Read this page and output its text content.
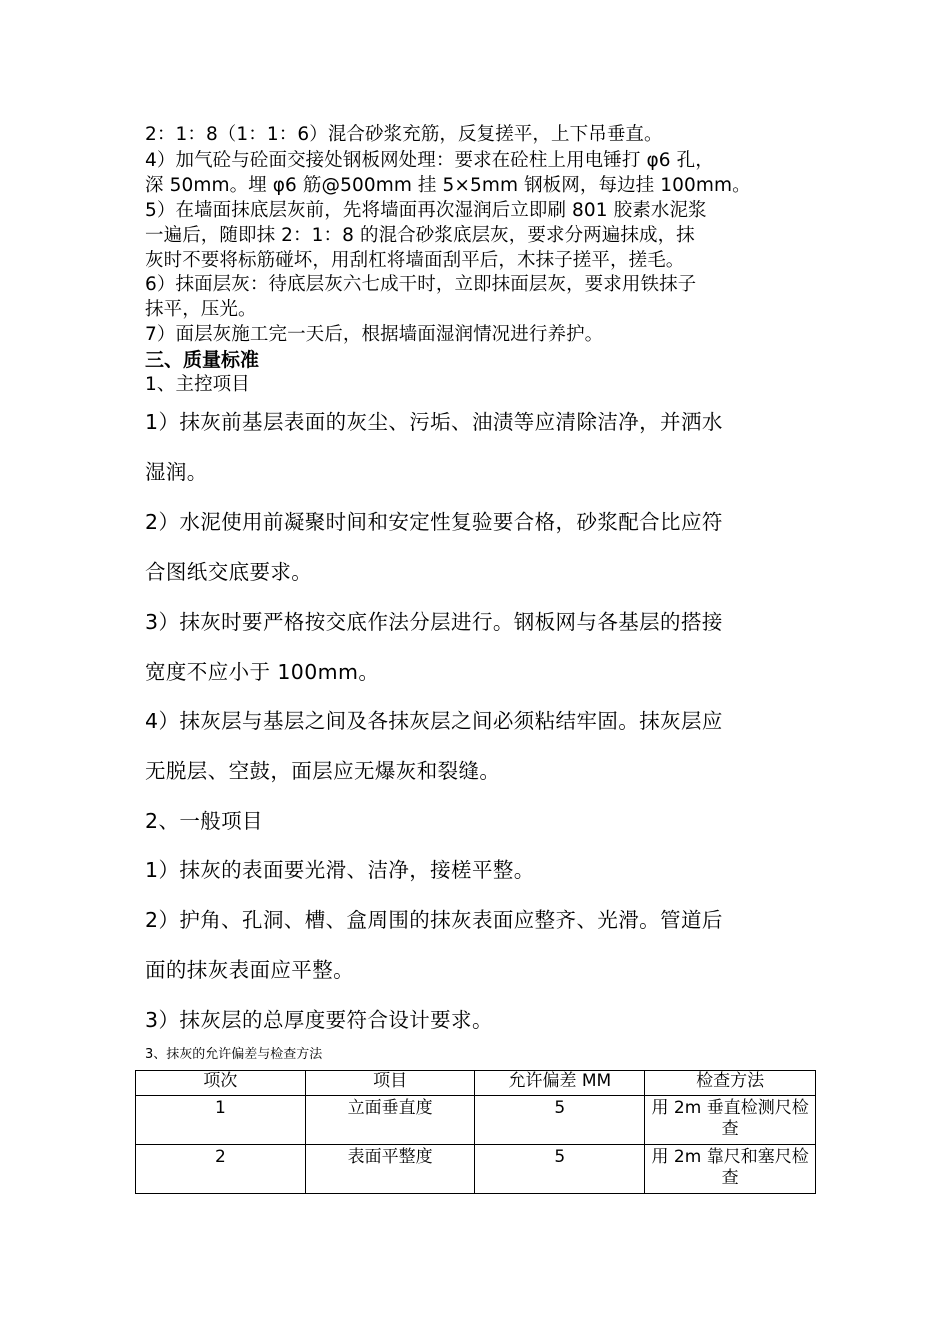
2：1：8（1：1：6）混合砂浆充筋，反复搓平，上下吊垂直。
4）加气砼与砼面交接处钢板网处理：要求在砼柱上用电锤打 φ6 孔，
深 50mm。埋 φ6 筋@500mm 挂 5×5mm 钢板网，每边挂 100mm。
5）在墙面抹底层灰前，先将墙面再次湿润后立即刷 801 胶素水泥浆
一遍后，随即抹 2：1：8 的混合砂浆底层灰，要求分两遍抹成，抹
灰时不要将标筋碰坏，用刮杠将墙面刮平后，木抹子搓平，搓毛。
6）抹面层灰：待底层灰六七成干时，立即抹面层灰，要求用铁抹子
抹平，压光。
7）面层灰施工完一天后，根据墙面湿润情况进行养护。
三、质量标准
1、主控项目
1）抹灰前基层表面的灰尘、污垢、油渍等应清除洁净，并洒水
湿润。
2）水泥使用前凝聚时间和安定性复验要合格，砂浆配合比应符
合图纸交底要求。
3）抹灰时要严格按交底作法分层进行。钢板网与各基层的搭接
宽度不应小于 100mm。
4）抹灰层与基层之间及各抹灰层之间必须粘结牢固。抹灰层应
无脱层、空鼓，面层应无爆灰和裂缝。
2、一般项目
1）抹灰的表面要光滑、洁净，接槎平整。
2）护角、孔洞、槽、盒周围的抹灰表面应整齐、光滑。管道后
面的抹灰表面应平整。
3）抹灰层的总厚度要符合设计要求。
3、抹灰的允许偏差与检查方法
项次	项目	允许偏差 MM	检查方法
1	立面垂直度	5	用 2m 垂直检测尺检查
2	表面平整度	5	用 2m 靠尺和塞尺检查
